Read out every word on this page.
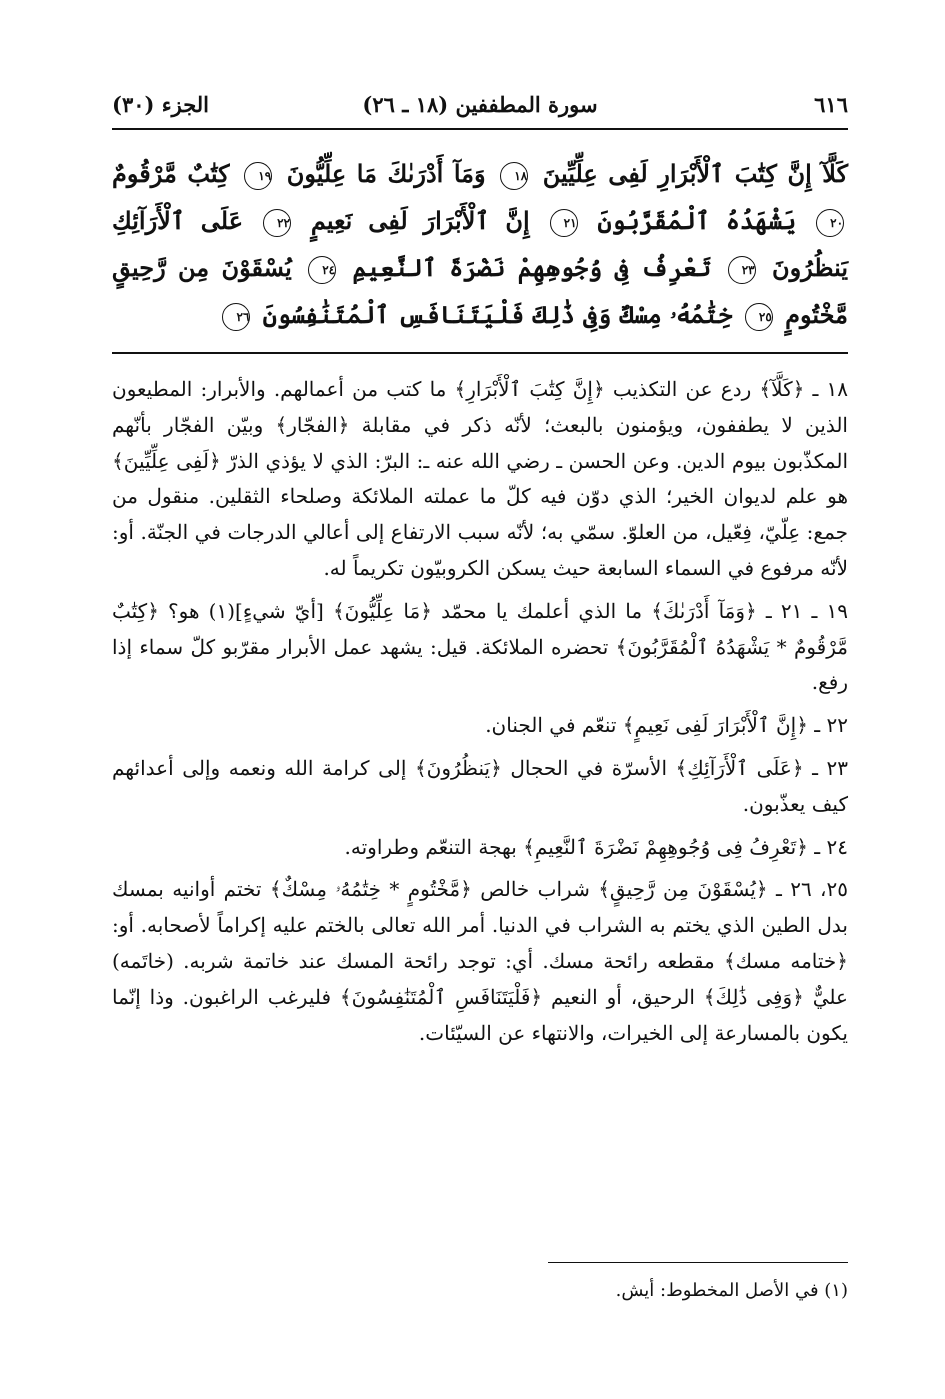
٦١٦
سورة المطففين (١٨ ـ ٢٦)
الجزء (٣٠)
كَلَّآ إِنَّ كِتَٰبَ ٱلْأَبْرَارِ لَفِى عِلِّيِّينَ ١٨ وَمَآ أَدْرَىٰكَ مَا عِلِّيُّونَ ١٩ كِتَٰبٌ مَّرْقُومٌ ٢٠ يَشْهَدُهُ ٱلْمُقَرَّبُونَ ٢١ إِنَّ ٱلْأَبْرَارَ لَفِى نَعِيمٍ ٢٢ عَلَى ٱلْأَرَآئِكِ يَنظُرُونَ ٢٣ تَعْرِفُ فِى وُجُوهِهِمْ نَضْرَةَ ٱلنَّعِيمِ ٢٤ يُسْقَوْنَ مِن رَّحِيقٍ مَّخْتُومٍ ٢٥ خِتَٰمُهُۥ مِسْكٌ وَفِى ذَٰلِكَ فَلْيَتَنَافَسِ ٱلْمُتَنَٰفِسُونَ ٢٦

١٨ ـ ﴿كَلَّآ﴾ ردع عن التكذيب ﴿إِنَّ كِتَٰبَ ٱلْأَبْرَارِ﴾ ما كتب من أعمالهم. والأبرار: المطيعون الذين لا يطففون، ويؤمنون بالبعث؛ لأنّه ذكر في مقابلة ﴿الفجّار﴾ وبيّن الفجّار بأنّهم المكذّبون بيوم الدين. وعن الحسن ـ رضي الله عنه ـ: البرّ: الذي لا يؤذي الذرّ ﴿لَفِى عِلِّيِّينَ﴾ هو علم لديوان الخير؛ الذي دوّن فيه كلّ ما عملته الملائكة وصلحاء الثقلين. منقول من جمع: عِلّيّ، فِعّيل، من العلوّ. سمّي به؛ لأنّه سبب الارتفاع إلى أعالي الدرجات في الجنّة. أو: لأنّه مرفوع في السماء السابعة حيث يسكن الكروبيّون تكريماً له.

١٩ ـ ٢١ ـ ﴿وَمَآ أَدْرَىٰكَ﴾ ما الذي أعلمك يا محمّد ﴿مَا عِلِّيُّونَ﴾ [أيّ شيءٍ](١) هو؟ ﴿كِتَٰبٌ مَّرْقُومٌ * يَشْهَدُهُ ٱلْمُقَرَّبُونَ﴾ تحضره الملائكة. قيل: يشهد عمل الأبرار مقرّبو كلّ سماء إذا رفع.

٢٢ ـ ﴿إِنَّ ٱلْأَبْرَارَ لَفِى نَعِيمٍ﴾ تنعّم في الجنان.

٢٣ ـ ﴿عَلَى ٱلْأَرَآئِكِ﴾ الأسرّة في الحجال ﴿يَنظُرُونَ﴾ إلى كرامة الله ونعمه وإلى أعدائهم كيف يعذّبون.

٢٤ ـ ﴿تَعْرِفُ فِى وُجُوهِهِمْ نَضْرَةَ ٱلنَّعِيمِ﴾ بهجة التنعّم وطراوته.

٢٥، ٢٦ ـ ﴿يُسْقَوْنَ مِن رَّحِيقٍ﴾ شراب خالص ﴿مَّخْتُومٍ * خِتَٰمُهُۥ مِسْكٌ﴾ تختم أوانيه بمسك بدل الطين الذي يختم به الشراب في الدنيا. أمر الله تعالى بالختم عليه إكراماً لأصحابه. أو: ﴿ختامه مسك﴾ مقطعه رائحة مسك. أي: توجد رائحة المسك عند خاتمة شربه. (خاتَمه) عليٌّ ﴿وَفِى ذَٰلِكَ﴾ الرحيق، أو النعيم ﴿فَلْيَتَنَافَسِ ٱلْمُتَنَٰفِسُونَ﴾ فليرغب الراغبون. وذا إنّما يكون بالمسارعة إلى الخيرات، والانتهاء عن السيّئات.

(١) في الأصل المخطوط: أيش.
